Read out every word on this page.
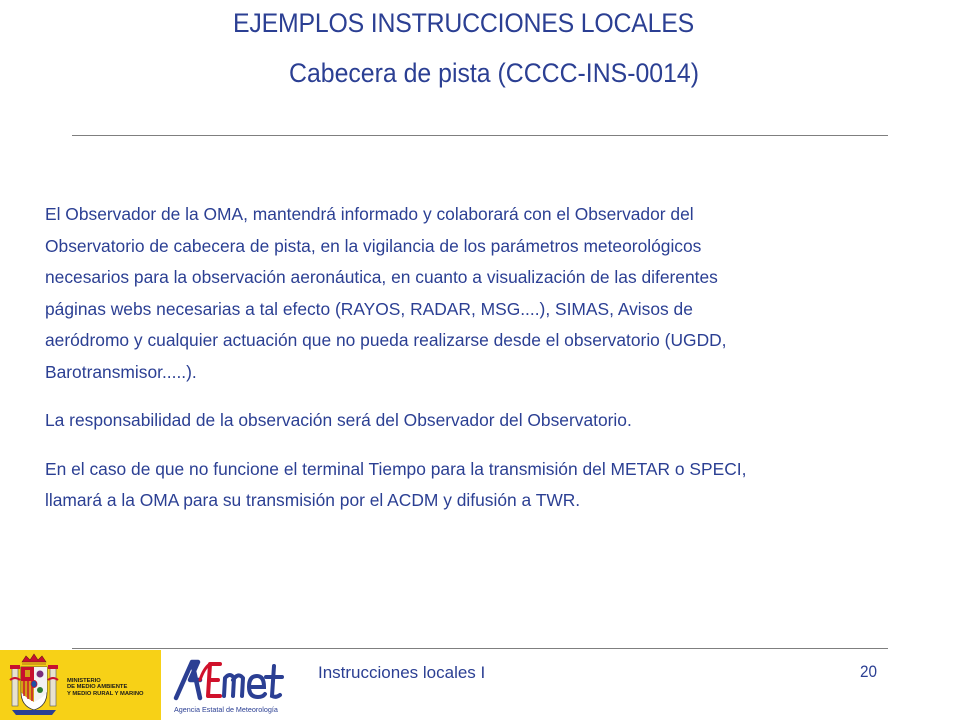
EJEMPLOS INSTRUCCIONES LOCALES
Cabecera de pista (CCCC-INS-0014)

El Observador de la OMA, mantendrá informado y colaborará con el Observador del
Observatorio de cabecera de pista, en la vigilancia de los parámetros meteorológicos
necesarios para la observación aeronáutica, en cuanto a visualización de las diferentes
páginas webs necesarias a tal efecto (RAYOS, RADAR, MSG....), SIMAS, Avisos de
aeródromo y cualquier actuación que no pueda realizarse desde el observatorio (UGDD,
Barotransmisor.....).

La responsabilidad de la observación será del Observador del Observatorio.

En el caso de que no funcione el terminal Tiempo para la transmisión del METAR o SPECI,
llamará a la OMA para su transmisión por el ACDM y difusión a TWR.

MINISTERIO
DE MEDIO AMBIENTE
Y MEDIO RURAL Y MARINO
Agencia Estatal de Meteorología
Instrucciones locales I	20
